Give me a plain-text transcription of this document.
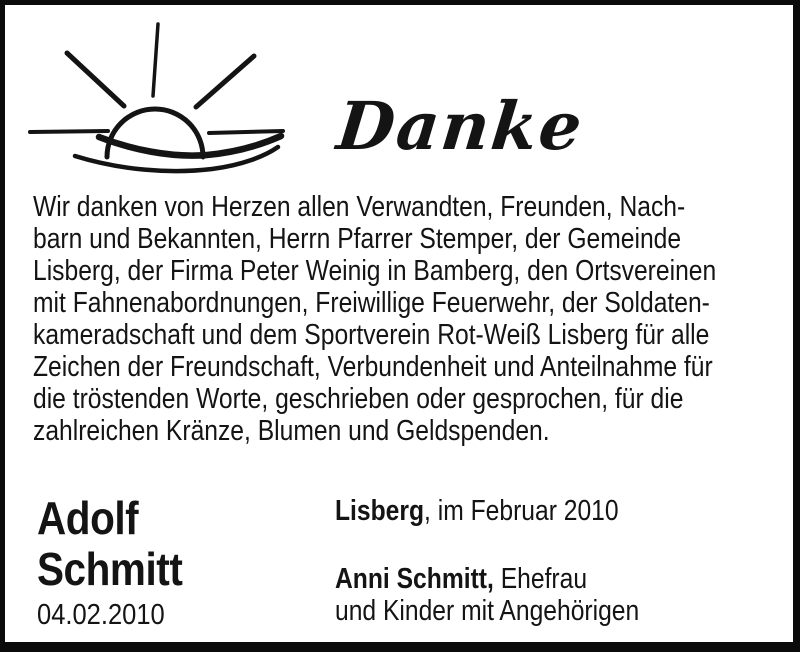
Danke
Wir danken von Herzen allen Verwandten, Freunden, Nach-
barn und Bekannten, Herrn Pfarrer Stemper, der Gemeinde
Lisberg, der Firma Peter Weinig in Bamberg, den Ortsvereinen
mit Fahnenabordnungen, Freiwillige Feuerwehr, der Soldaten-
kameradschaft und dem Sportverein Rot-Weiß Lisberg für alle
Zeichen der Freundschaft, Verbundenheit und Anteilnahme für
die tröstenden Worte, geschrieben oder gesprochen, für die
zahlreichen Kränze, Blumen und Geldspenden.
Adolf
Schmitt
04.02.2010
Lisberg, im Februar 2010
Anni Schmitt, Ehefrau
und Kinder mit Angehörigen
